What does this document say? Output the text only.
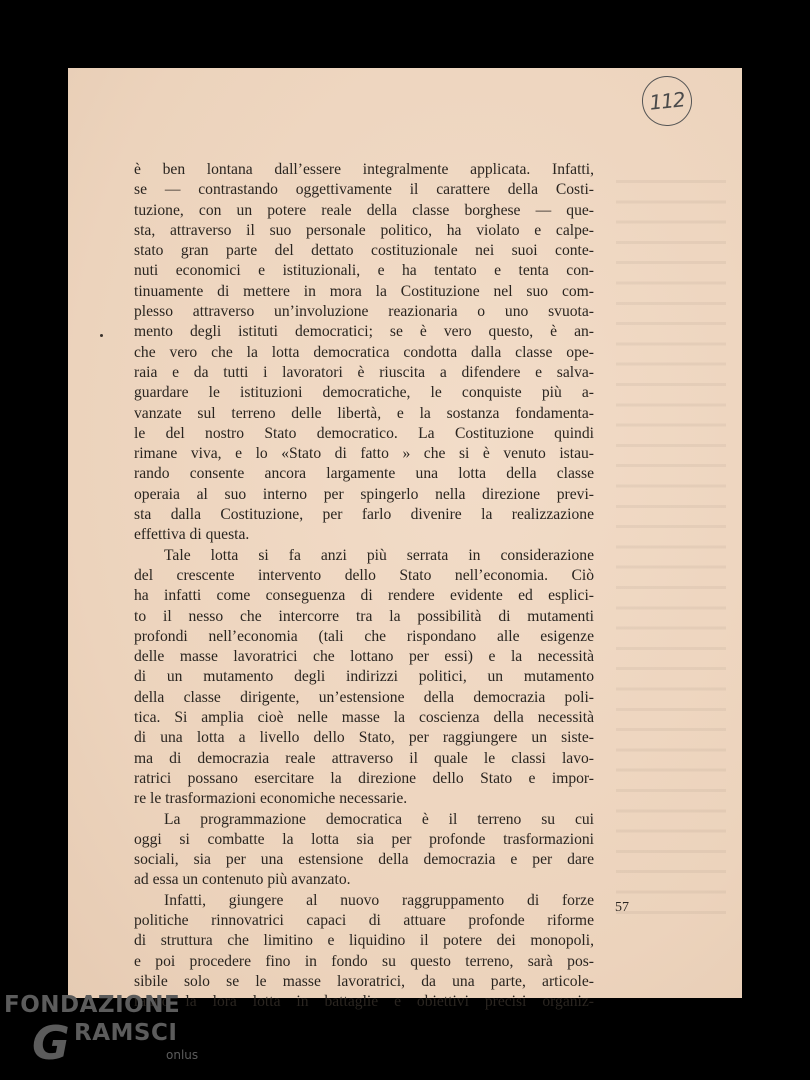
112
è ben lontana dall’essere integralmente applicata. Infatti,
se — contrastando oggettivamente il carattere della Costi-
tuzione, con un potere reale della classe borghese — que-
sta, attraverso il suo personale politico, ha violato e calpe-
stato gran parte del dettato costituzionale nei suoi conte-
nuti economici e istituzionali, e ha tentato e tenta con-
tinuamente di mettere in mora la Costituzione nel suo com-
plesso attraverso un’involuzione reazionaria o uno svuota-
mento degli istituti democratici; se è vero questo, è an-
che vero che la lotta democratica condotta dalla classe ope-
raia e da tutti i lavoratori è riuscita a difendere e salva-
guardare le istituzioni democratiche, le conquiste più a-
vanzate sul terreno delle libertà, e la sostanza fondamenta-
le del nostro Stato democratico. La Costituzione quindi
rimane viva, e lo «Stato di fatto » che si è venuto istau-
rando consente ancora largamente una lotta della classe
operaia al suo interno per spingerlo nella direzione previ-
sta dalla Costituzione, per farlo divenire la realizzazione
effettiva di questa.
Tale lotta si fa anzi più serrata in considerazione
del crescente intervento dello Stato nell’economia. Ciò
ha infatti come conseguenza di rendere evidente ed esplici-
to il nesso che intercorre tra la possibilità di mutamenti
profondi nell’economia (tali che rispondano alle esigenze
delle masse lavoratrici che lottano per essi) e la necessità
di un mutamento degli indirizzi politici, un mutamento
della classe dirigente, un’estensione della democrazia poli-
tica. Si amplia cioè nelle masse la coscienza della necessità
di una lotta a livello dello Stato, per raggiungere un siste-
ma di democrazia reale attraverso il quale le classi lavo-
ratrici possano esercitare la direzione dello Stato e impor-
re le trasformazioni economiche necessarie.
La programmazione democratica è il terreno su cui
oggi si combatte la lotta sia per profonde trasformazioni
sociali, sia per una estensione della democrazia e per dare
ad essa un contenuto più avanzato.
Infatti, giungere al nuovo raggruppamento di forze
politiche rinnovatrici capaci di attuare profonde riforme
di struttura che limitino e liquidino il potere dei monopoli,
e poi procedere fino in fondo su questo terreno, sarà pos-
sibile solo se le masse lavoratrici, da una parte, articole-
ranno la lora lotta in battaglie e obiettivi precisi organiz-
57
FONDAZIONE
G RAMSCI
onlus
